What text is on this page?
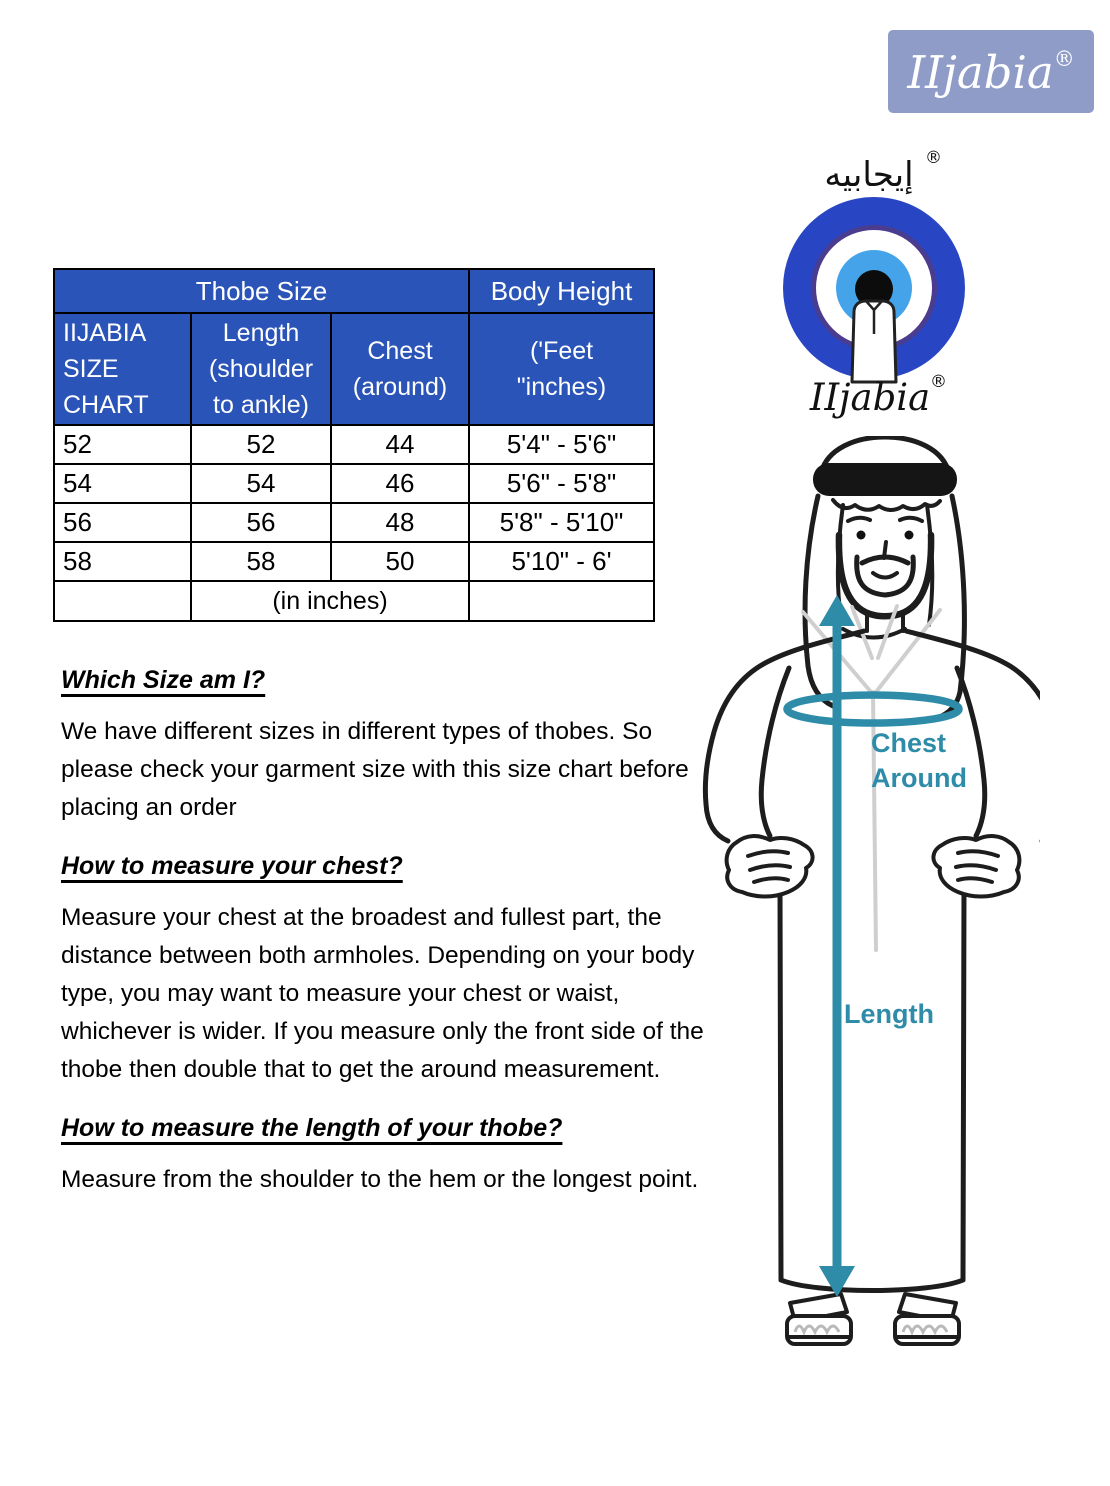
IIjabia®
Thobe Size			Body Height
IIJABIA SIZE CHART	Length (shoulder to ankle)	Chest (around)	('Feet "inches)
52	52	44	5'4" - 5'6"
54	54	46	5'6" - 5'8"
56	56	48	5'8" - 5'10"
58	58	50	5'10" - 6'
	(in inches)		
Which Size am I?

We have different sizes in different types of thobes. So please check your garment size with this size chart before placing an order

How to measure your chest?

Measure your chest at the broadest and fullest part, the distance between both armholes. Depending on your body type, you may want to measure your chest or waist, whichever is wider. If you measure only the front side of the thobe then double that to get the around measurement.

How to measure the length of your thobe?

Measure from the shoulder to the hem or the longest point.

إيجابيه ®
IIjabia ®
Chest
Around
Length
